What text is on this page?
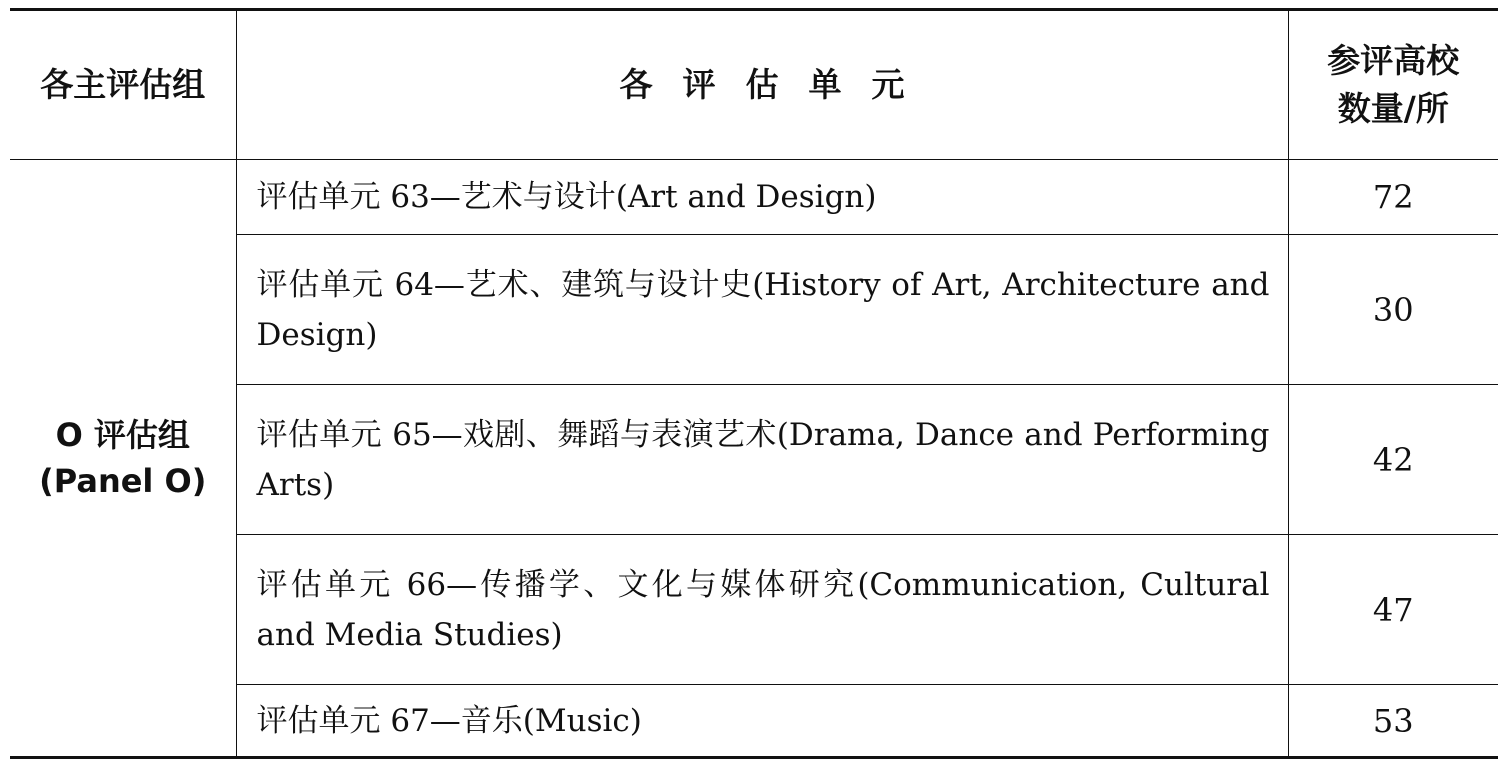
各主评估组	各评估单元	参评高校
数量/所

O 评估组
(Panel O)	评估单元 63—艺术与设计(Art and Design)	72
	评估单元 64—艺术、建筑与设计史(History of Art, Architecture and Design)	30
	评估单元 65—戏剧、舞蹈与表演艺术(Drama, Dance and Performing Arts)	42
	评估单元 66—传播学、文化与媒体研究(Communication, Cultural and Media Studies)	47
	评估单元 67—音乐(Music)	53
